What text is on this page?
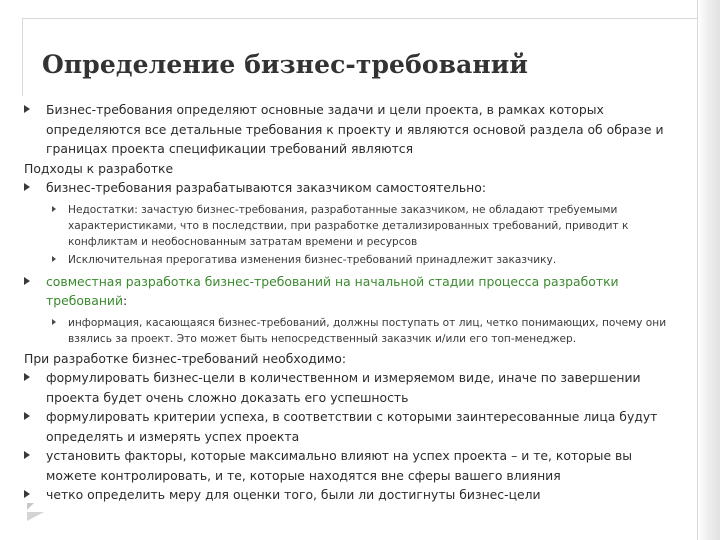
Определение бизнес-требований

Бизнес-требования определяют основные задачи и цели проекта, в рамках которых определяются все детальные требования к проекту и являются основой раздела об образе и границах проекта спецификации требований являются

Подходы к разработке

бизнес-требования разрабатываются заказчиком самостоятельно:

Недостатки: зачастую бизнес-требования, разработанные заказчиком, не обладают требуемыми характеристиками, что в последствии, при разработке детализированных требований, приводит к конфликтам и необоснованным затратам времени и ресурсов

Исключительная прерогатива изменения бизнес-требований принадлежит заказчику.

совместная разработка бизнес-требований на начальной стадии процесса разработки требований:

информация, касающаяся бизнес-требований, должны поступать от лиц, четко понимающих, почему они взялись за проект. Это может быть непосредственный заказчик и/или его топ-менеджер.

При разработке бизнес-требований необходимо:

формулировать бизнес-цели в количественном и измеряемом виде, иначе по завершении проекта будет очень сложно доказать его успешность

формулировать критерии успеха, в соответствии с которыми заинтересованные лица будут определять и измерять успех проекта

установить факторы, которые максимально влияют на успех проекта – и те, которые вы можете контролировать, и те, которые находятся вне сферы вашего влияния

четко определить меру для оценки того, были ли достигнуты бизнес-цели
